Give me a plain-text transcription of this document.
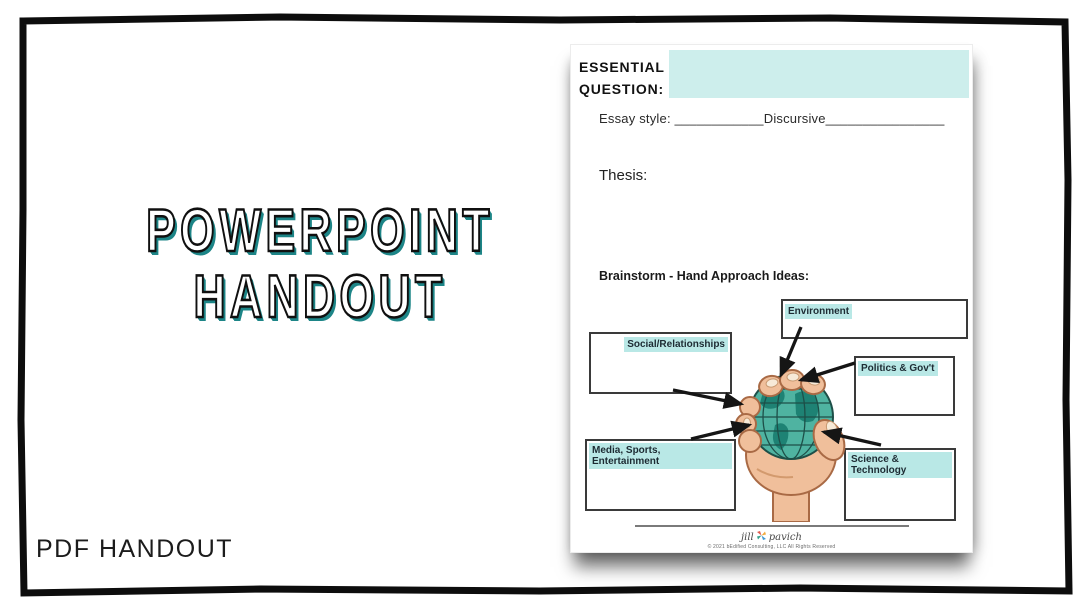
POWERPOINT
HANDOUT
PDF HANDOUT
ESSENTIAL
QUESTION:
Essay style: ____________Discursive________________
Thesis:
Brainstorm - Hand Approach Ideas:
Environment
Social/Relationships
Politics & Gov't
Media, Sports, Entertainment	Science & Technology
jill pavich
© 2021 bEdified Consulting, LLC All Rights Reserved
